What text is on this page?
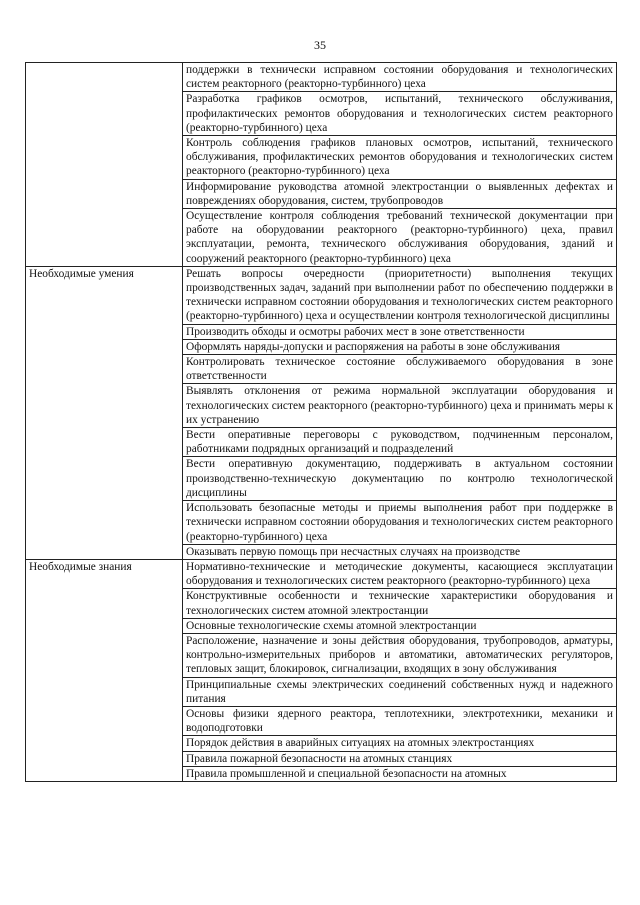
35
	поддержки в технически исправном состоянии оборудования и технологических систем реакторного (реакторно-турбинного) цеха
	Разработка графиков осмотров, испытаний, технического обслуживания, профилактических ремонтов оборудования и технологических систем реакторного (реакторно-турбинного) цеха
	Контроль соблюдения графиков плановых осмотров, испытаний, технического обслуживания, профилактических ремонтов оборудования и технологических систем реакторного (реакторно-турбинного) цеха
	Информирование руководства атомной электростанции о выявленных дефектах и повреждениях оборудования, систем, трубопроводов
	Осуществление контроля соблюдения требований технической документации при работе на оборудовании реакторного (реакторно-турбинного) цеха, правил эксплуатации, ремонта, технического обслуживания оборудования, зданий и сооружений реакторного (реакторно-турбинного) цеха
Необходимые умения	Решать вопросы очередности (приоритетности) выполнения текущих производственных задач, заданий при выполнении работ по обеспечению поддержки в технически исправном состоянии оборудования и технологических систем реакторного (реакторно-турбинного) цеха и осуществлении контроля технологической дисциплины
	Производить обходы и осмотры рабочих мест в зоне ответственности
	Оформлять наряды-допуски и распоряжения на работы в зоне обслуживания
	Контролировать техническое состояние обслуживаемого оборудования в зоне ответственности
	Выявлять отклонения от режима нормальной эксплуатации оборудования и технологических систем реакторного (реакторно-турбинного) цеха и принимать меры к их устранению
	Вести оперативные переговоры с руководством, подчиненным персоналом, работниками подрядных организаций и подразделений
	Вести оперативную документацию, поддерживать в актуальном состоянии производственно-техническую документацию по контролю технологической дисциплины
	Использовать безопасные методы и приемы выполнения работ при поддержке в технически исправном состоянии оборудования и технологических систем реакторного (реакторно-турбинного) цеха
	Оказывать первую помощь при несчастных случаях на производстве
Необходимые знания	Нормативно-технические и методические документы, касающиеся эксплуатации оборудования и технологических систем реакторного (реакторно-турбинного) цеха
	Конструктивные особенности и технические характеристики оборудования и технологических систем атомной электростанции
	Основные технологические схемы атомной электростанции
	Расположение, назначение и зоны действия оборудования, трубопроводов, арматуры, контрольно-измерительных приборов и автоматики, автоматических регуляторов, тепловых защит, блокировок, сигнализации, входящих в зону обслуживания
	Принципиальные схемы электрических соединений собственных нужд и надежного питания
	Основы физики ядерного реактора, теплотехники, электротехники, механики и водоподготовки
	Порядок действия в аварийных ситуациях на атомных электростанциях
	Правила пожарной безопасности на атомных станциях
	Правила промышленной и специальной безопасности на атомных
